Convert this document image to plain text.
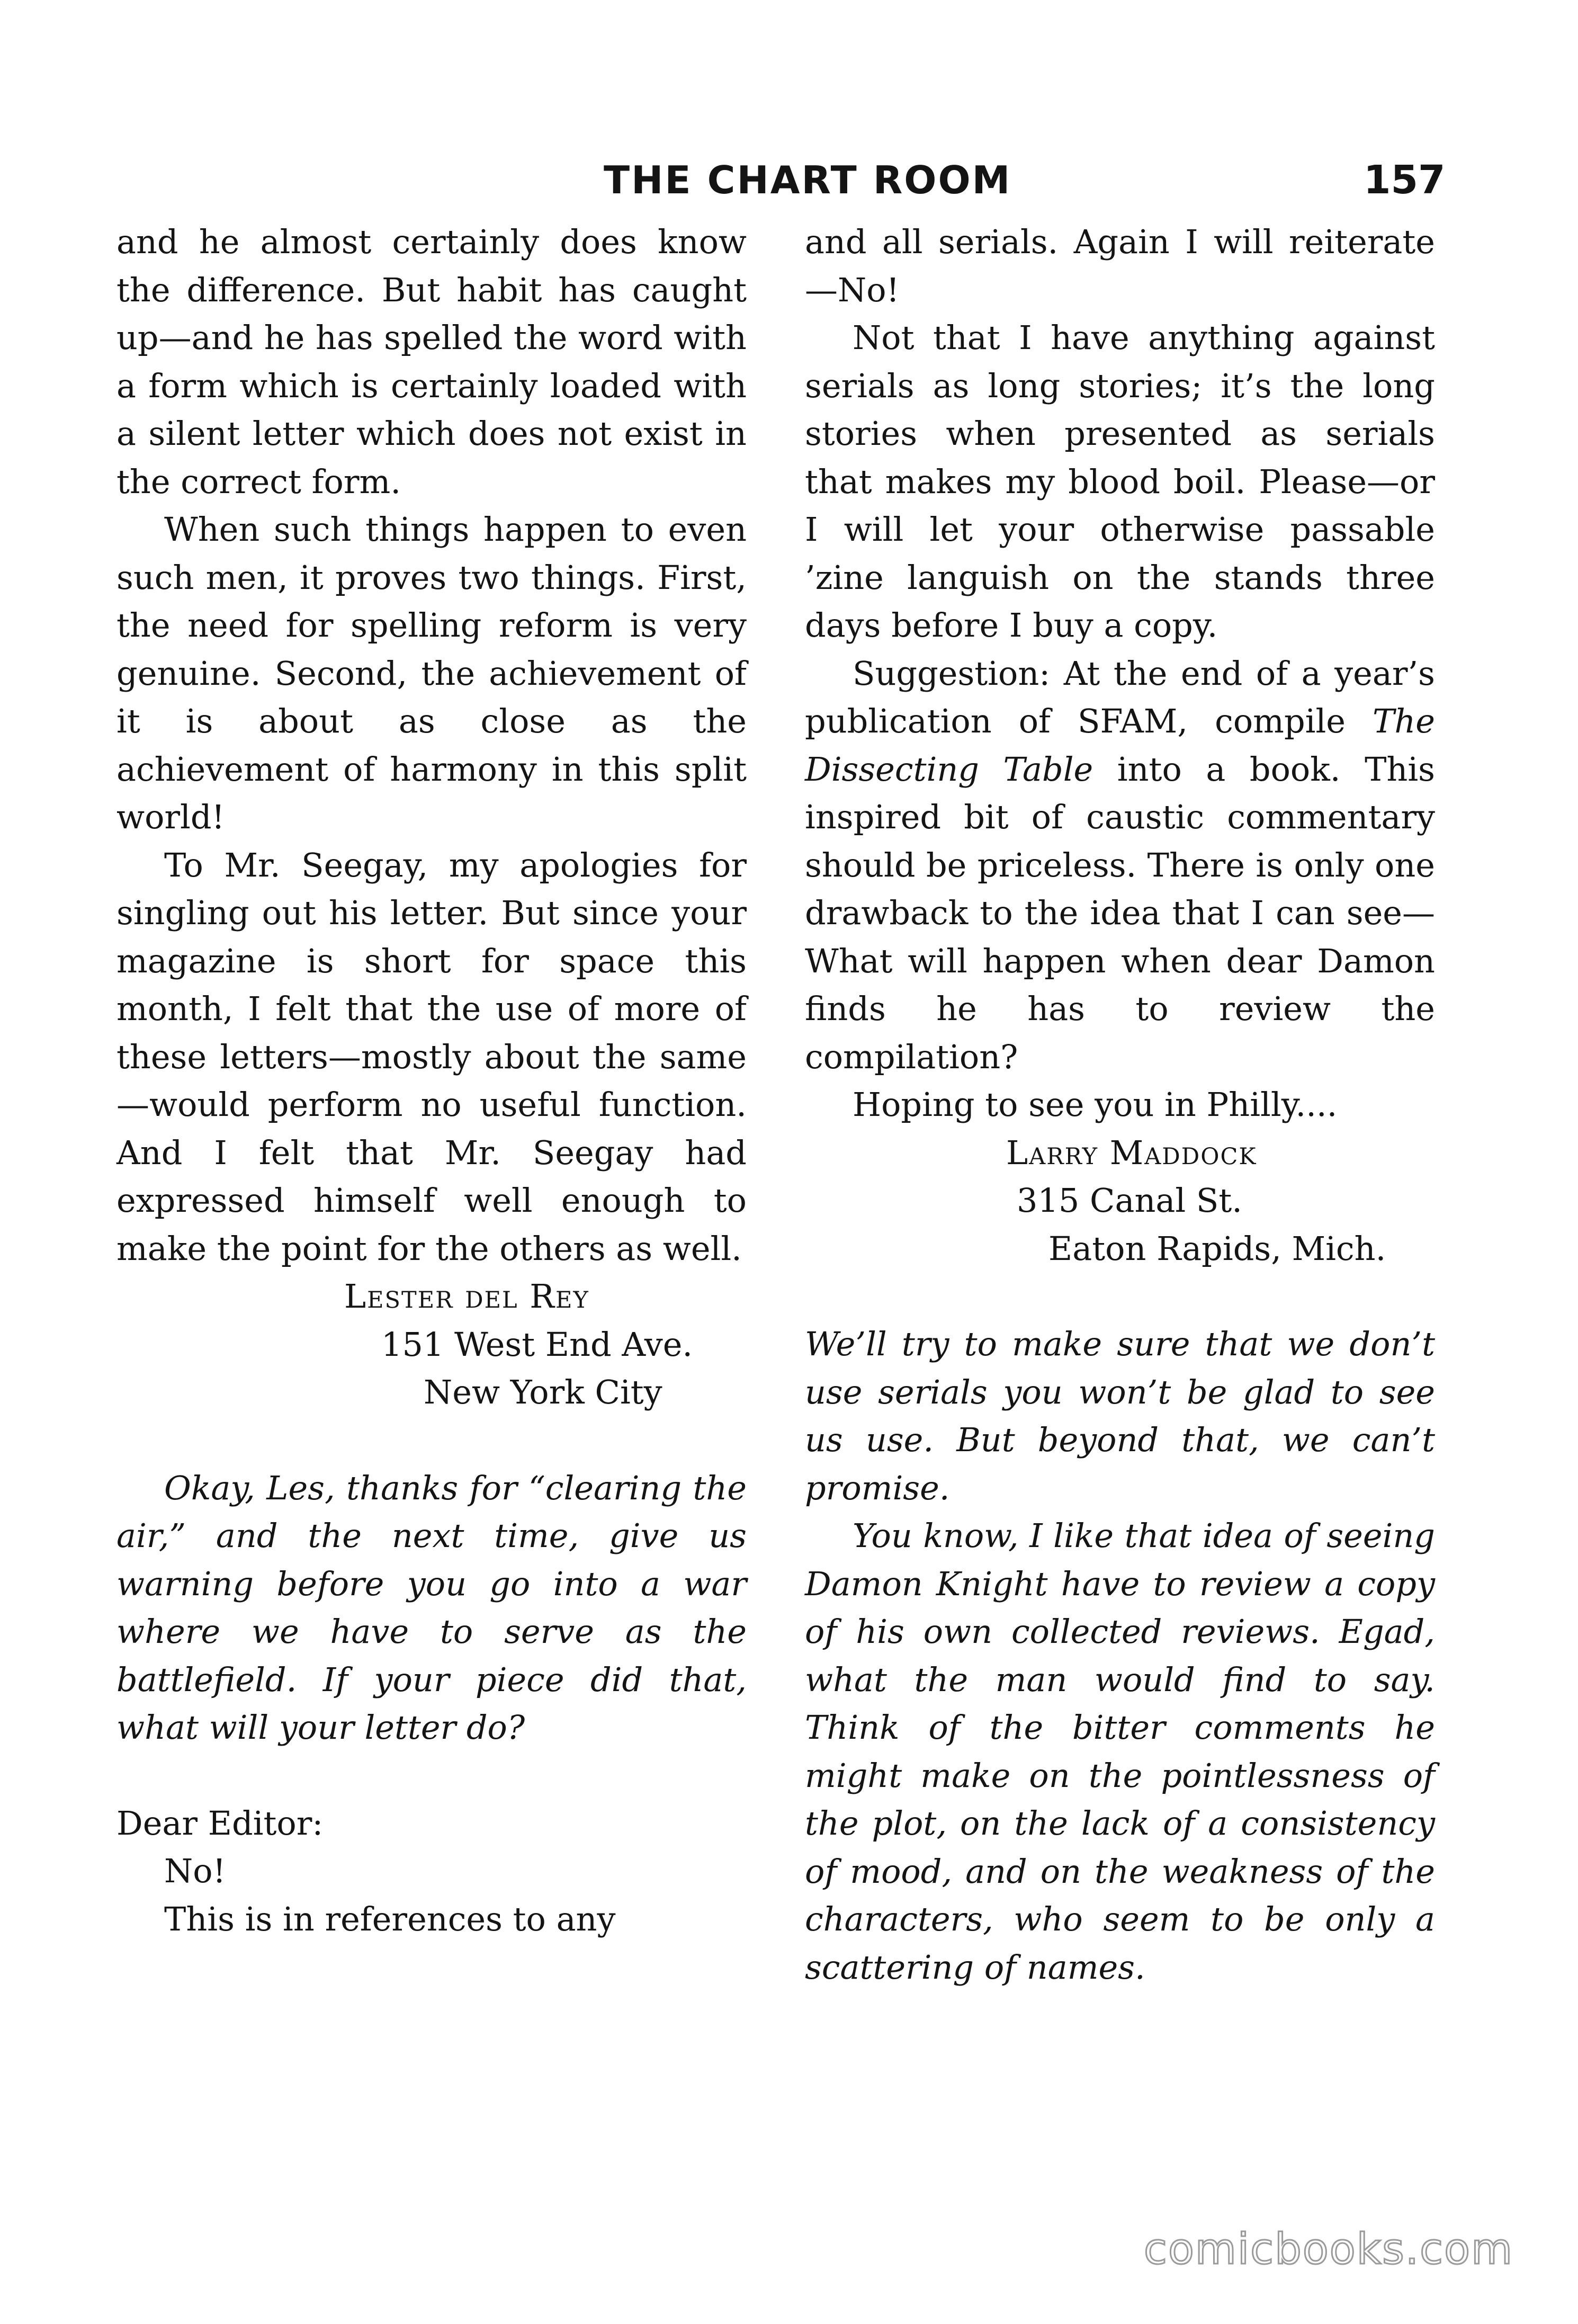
THE CHART ROOM	157

and he almost certainly does know the difference. But habit has caught up—and he has spelled the word with a form which is certainly loaded with a silent letter which does not exist in the correct form.

When such things happen to even such men, it proves two things. First, the need for spelling reform is very genuine. Second, the achievement of it is about as close as the achievement of harmony in this split world!

To Mr. Seegay, my apologies for singling out his letter. But since your magazine is short for space this month, I felt that the use of more of these letters—mostly about the same—would perform no useful function. And I felt that Mr. Seegay had expressed himself well enough to make the point for the others as well.

Lester del Rey

151 West End Ave.

New York City

Okay, Les, thanks for “clearing the air,” and the next time, give us warning before you go into a war where we have to serve as the battlefield. If your piece did that, what will your letter do?

Dear Editor:

No!

This is in references to any

and all serials. Again I will reiterate—No!

Not that I have anything against serials as long stories; it’s the long stories when presented as serials that makes my blood boil. Please—or I will let your otherwise passable ’zine languish on the stands three days before I buy a copy.

Suggestion: At the end of a year’s publication of SFAM, compile The Dissecting Table into a book. This inspired bit of caustic commentary should be priceless. There is only one drawback to the idea that I can see—What will happen when dear Damon finds he has to review the compilation?

Hoping to see you in Philly....

Larry Maddock

315 Canal St.

Eaton Rapids, Mich.

We’ll try to make sure that we don’t use serials you won’t be glad to see us use. But beyond that, we can’t promise.

You know, I like that idea of seeing Damon Knight have to review a copy of his own collected reviews. Egad, what the man would find to say. Think of the bitter comments he might make on the pointlessness of the plot, on the lack of a consistency of mood, and on the weakness of the characters, who seem to be only a scattering of names.

comicbooks.com
